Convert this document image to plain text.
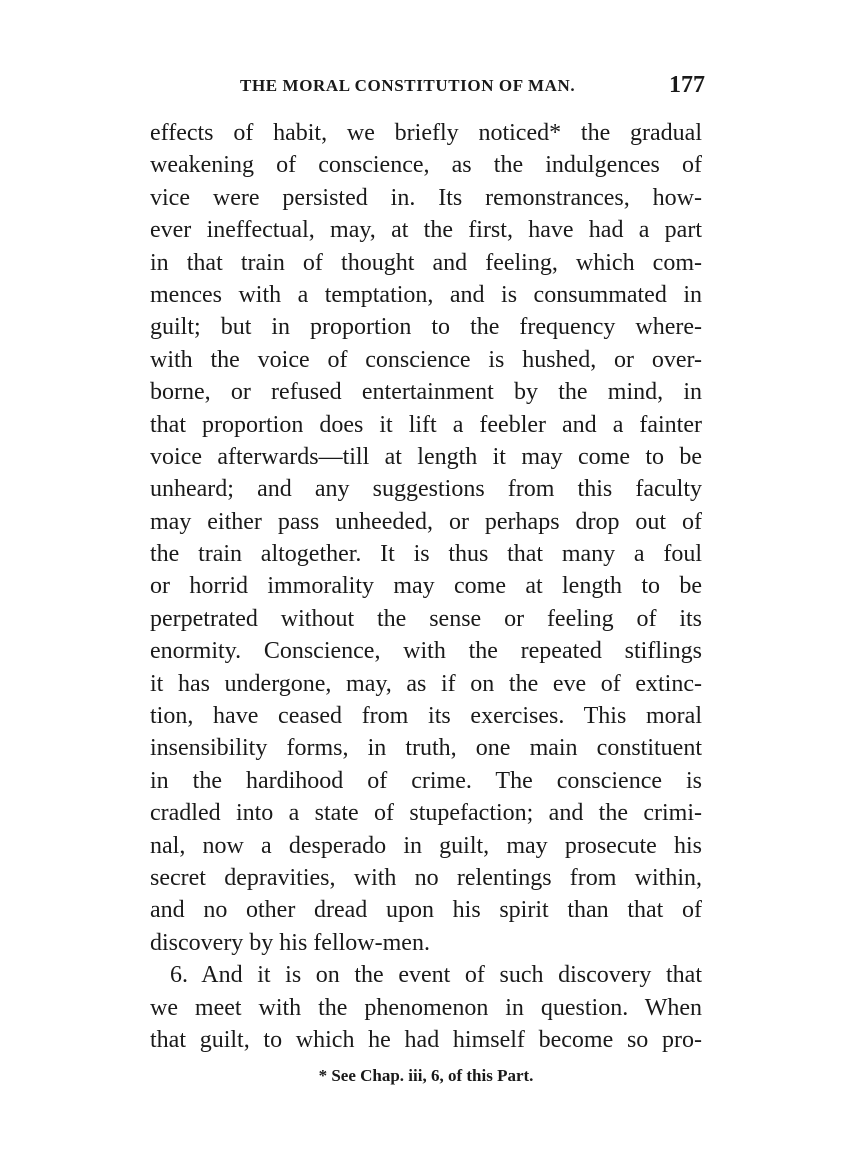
THE MORAL CONSTITUTION OF MAN.	177
effects of habit, we briefly noticed* the gradual
weakening of conscience, as the indulgences of
vice were persisted in. Its remonstrances, how-
ever ineffectual, may, at the first, have had a part
in that train of thought and feeling, which com-
mences with a temptation, and is consummated in
guilt; but in proportion to the frequency where-
with the voice of conscience is hushed, or over-
borne, or refused entertainment by the mind, in
that proportion does it lift a feebler and a fainter
voice afterwards—till at length it may come to be
unheard; and any suggestions from this faculty
may either pass unheeded, or perhaps drop out of
the train altogether. It is thus that many a foul
or horrid immorality may come at length to be
perpetrated without the sense or feeling of its
enormity. Conscience, with the repeated stiflings
it has undergone, may, as if on the eve of extinc-
tion, have ceased from its exercises. This moral
insensibility forms, in truth, one main constituent
in the hardihood of crime. The conscience is
cradled into a state of stupefaction; and the crimi-
nal, now a desperado in guilt, may prosecute his
secret depravities, with no relentings from within,
and no other dread upon his spirit than that of
discovery by his fellow-men.
6. And it is on the event of such discovery that
we meet with the phenomenon in question. When
that guilt, to which he had himself become so pro-
* See Chap. iii, 6, of this Part.
